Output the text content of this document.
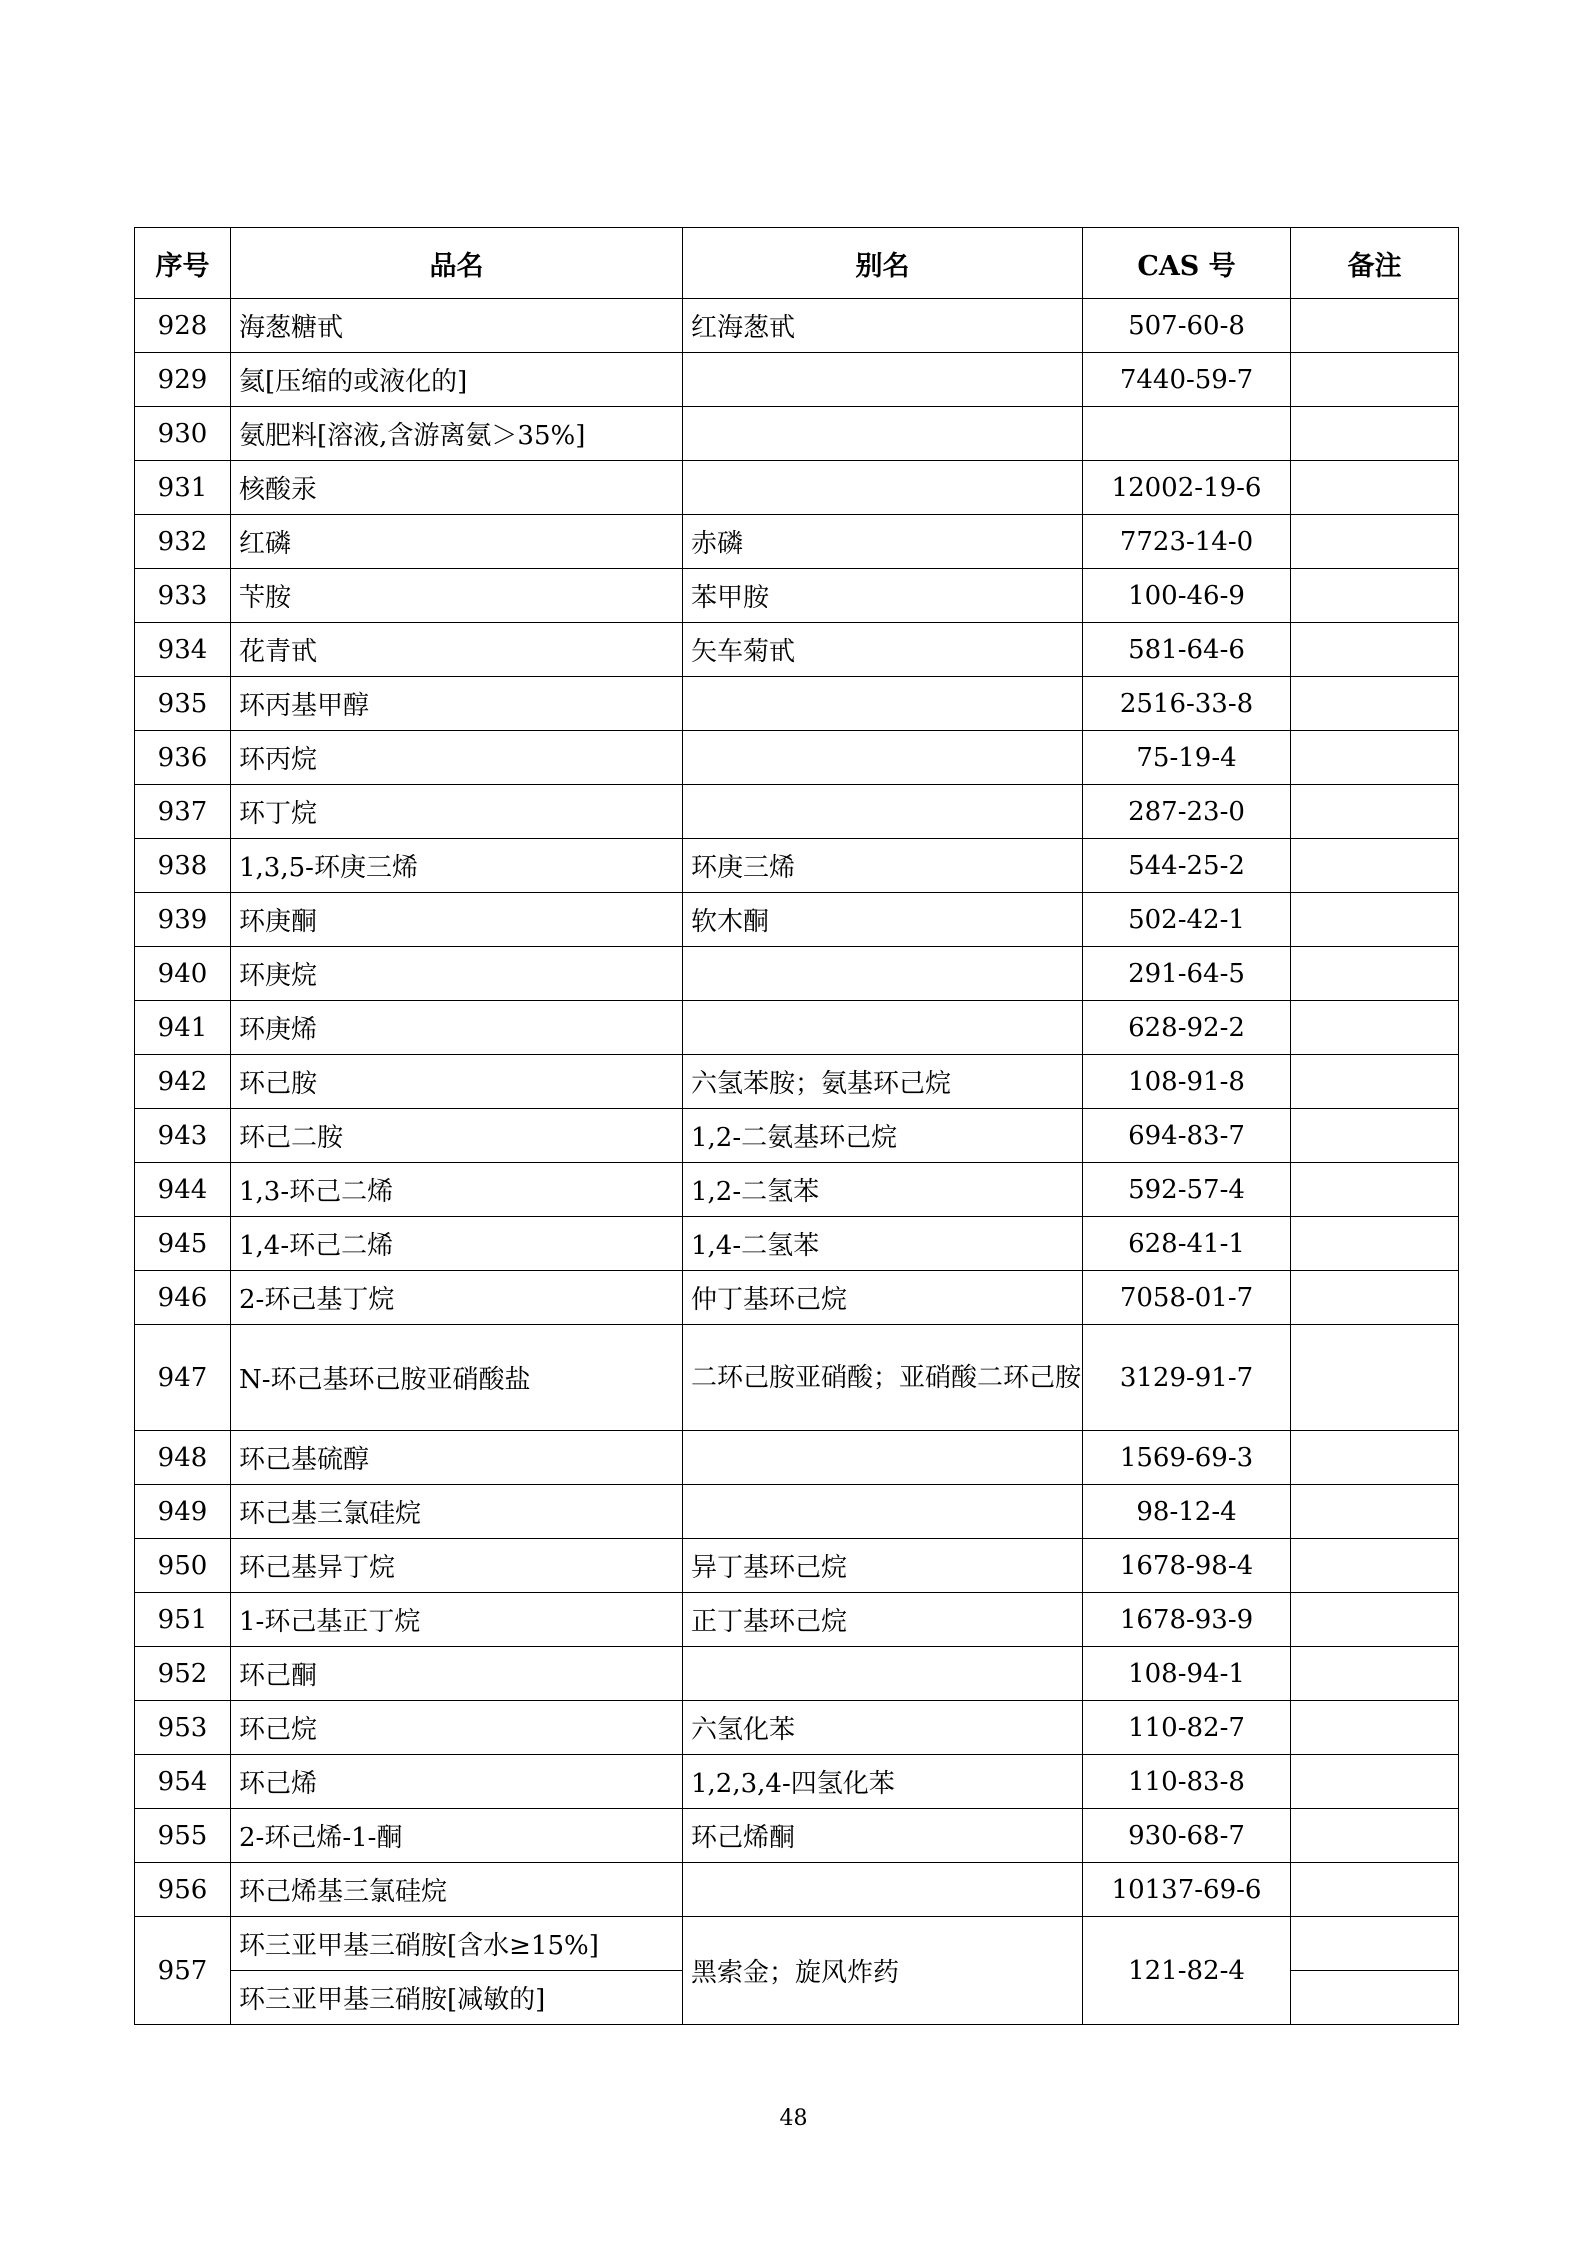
序号	品名	别名	CAS 号	备注
928	海葱糖甙	红海葱甙	507-60-8	
929	氦[压缩的或液化的]		7440-59-7	
930	氨肥料[溶液,含游离氨＞35%]			
931	核酸汞		12002-19-6	
932	红磷	赤磷	7723-14-0	
933	苄胺	苯甲胺	100-46-9	
934	花青甙	矢车菊甙	581-64-6	
935	环丙基甲醇		2516-33-8	
936	环丙烷		75-19-4	
937	环丁烷		287-23-0	
938	1,3,5-环庚三烯	环庚三烯	544-25-2	
939	环庚酮	软木酮	502-42-1	
940	环庚烷		291-64-5	
941	环庚烯		628-92-2	
942	环己胺	六氢苯胺；氨基环己烷	108-91-8	
943	环己二胺	1,2-二氨基环己烷	694-83-7	
944	1,3-环己二烯	1,2-二氢苯	592-57-4	
945	1,4-环己二烯	1,4-二氢苯	628-41-1	
946	2-环己基丁烷	仲丁基环己烷	7058-01-7	
947	N-环己基环己胺亚硝酸盐	二环己胺亚硝酸；亚硝酸二环己胺	3129-91-7	
948	环己基硫醇		1569-69-3	
949	环己基三氯硅烷		98-12-4	
950	环己基异丁烷	异丁基环己烷	1678-98-4	
951	1-环己基正丁烷	正丁基环己烷	1678-93-9	
952	环己酮		108-94-1	
953	环己烷	六氢化苯	110-82-7	
954	环己烯	1,2,3,4-四氢化苯	110-83-8	
955	2-环己烯-1-酮	环己烯酮	930-68-7	
956	环己烯基三氯硅烷		10137-69-6	
957	环三亚甲基三硝胺[含水≥15%]	黑索金；旋风炸药	121-82-4	
	环三亚甲基三硝胺[减敏的]			
48
